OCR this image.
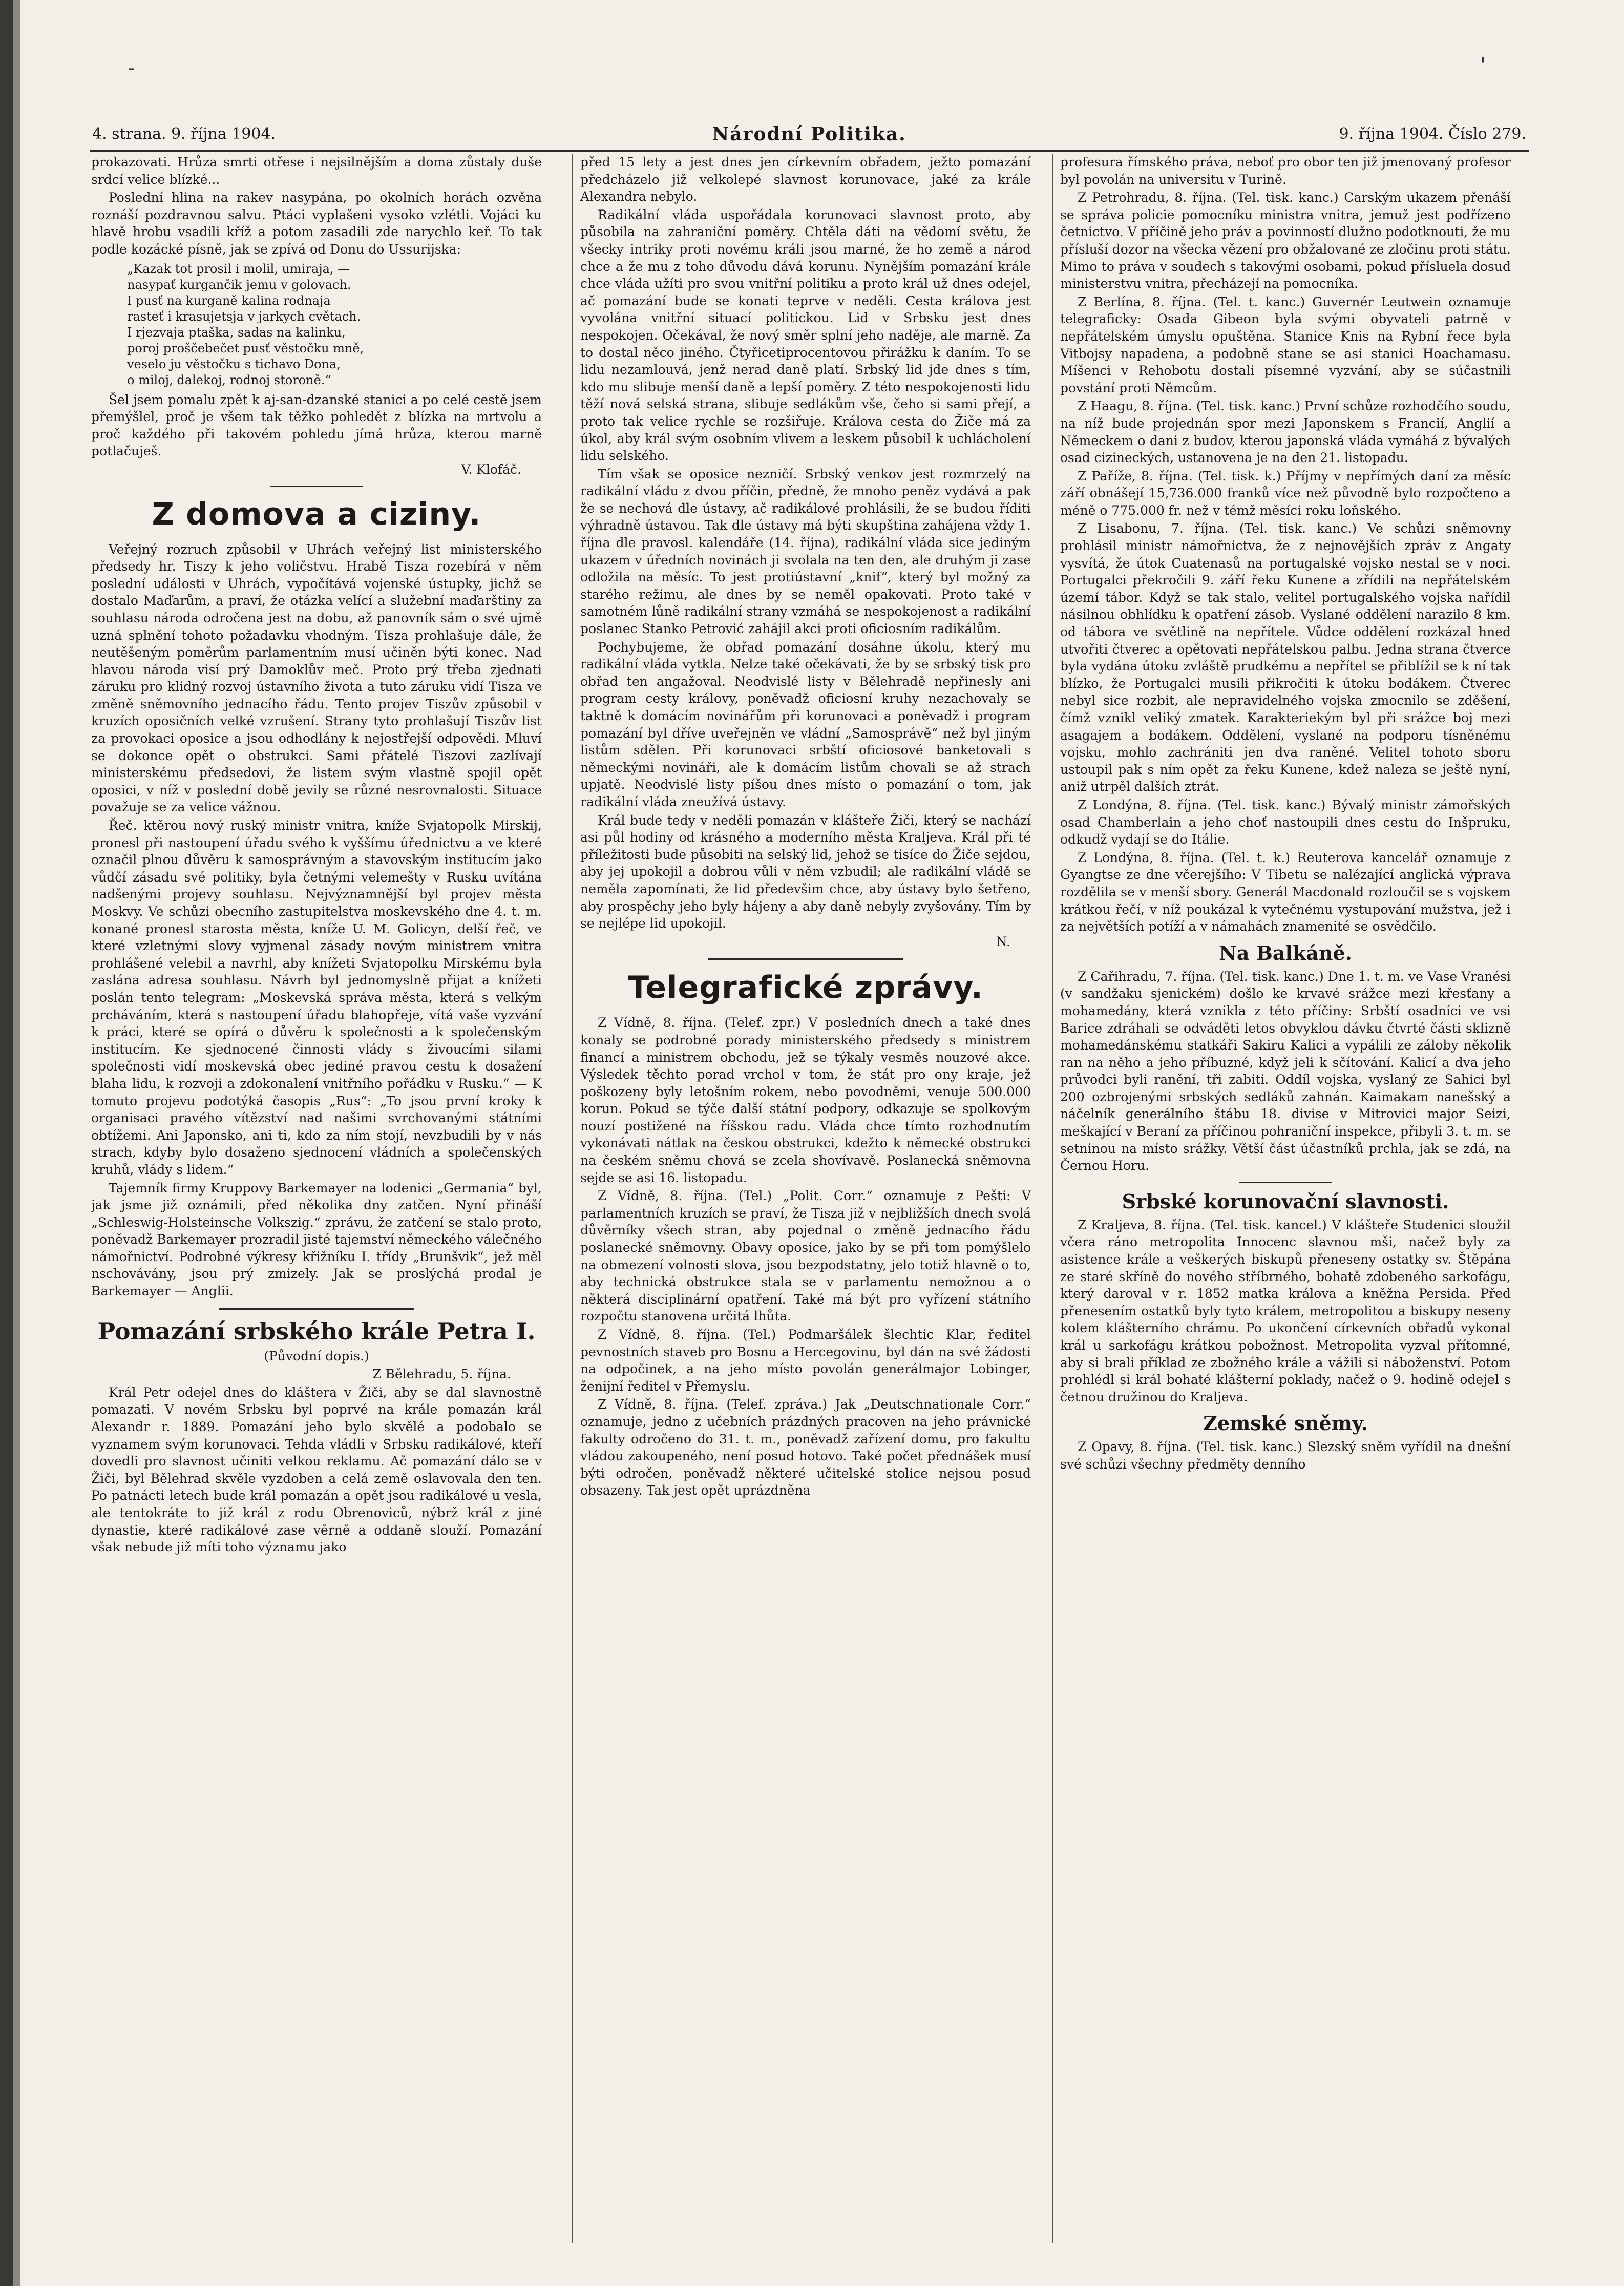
‑	'
4. strana. 9. října 1904.	Národní Politika.	9. října 1904. Číslo 279.

prokazovati. Hrůza smrti otřese i nejsilnějším a doma zůstaly duše srdcí velice blízké...

Poslední hlina na rakev nasypána, po okolních horách ozvěna roznáší pozdravnou salvu. Ptáci vyplašeni vysoko vzlétli. Vojáci ku hlavě hrobu vsadili kříž a potom zasadili zde narychlo keř. To tak podle kozácké písně, jak se zpívá od Donu do Ussurijska:

„Kazak tot prosil i molil, umiraja, —
nasypať kurgančik jemu v golovach.
I pusť na kurganě kalina rodnaja
rasteť i krasujetsja v jarkych cvětach.
I rjezvaja ptaška, sadas na kalinku,
poroj proščebečet pusť věstočku mně,
veselo ju věstočku s tichavo Dona,
o miloj, dalekoj, rodnoj storoně.“

Šel jsem pomalu zpět k aj-san-dzanské stanici a po celé cestě jsem přemýšlel, proč je všem tak těžko pohledět z blízka na mrtvolu a proč každého při takovém pohledu jímá hrůza, kterou marně potlačuješ.

V. Klofáč.

Z domova a ciziny.

Veřejný rozruch způsobil v Uhrách veřejný list ministerského předsedy hr. Tiszy k jeho voličstvu. Hrabě Tisza rozebírá v něm poslední události v Uhrách, vypočítává vojenské ústupky, jichž se dostalo Maďarům, a praví, že otázka velící a služební maďarštiny za souhlasu národa odročena jest na dobu, až panovník sám o své ujmě uzná splnění tohoto požadavku vhodným. Tisza prohlašuje dále, že neutěšeným poměrům parlamentním musí učiněn býti konec. Nad hlavou národa visí prý Damoklův meč. Proto prý třeba zjednati záruku pro klidný rozvoj ústavního života a tuto záruku vidí Tisza ve změně sněmovního jednacího řádu. Tento projev Tiszův způsobil v kruzích oposičních velké vzrušení. Strany tyto prohlašují Tiszův list za provokaci oposice a jsou odhodlány k nejostřejší odpovědi. Mluví se dokonce opět o obstrukci. Sami přátelé Tiszovi zazlívají ministerskému předsedovi, že listem svým vlastně spojil opět oposici, v níž v poslední době jevily se různé nesrovnalosti. Situace považuje se za velice vážnou.

Řeč. ktěrou nový ruský ministr vnitra, kníže Svjatopolk Mirskij, pronesl při nastoupení úřadu svého k vyššímu úřednictvu a ve které označil plnou důvěru k samosprávným a stavovským institucím jako vůdčí zásadu své politiky, byla četnými velemešty v Rusku uvítána nadšenými projevy souhlasu. Nejvýznamnější byl projev města Moskvy. Ve schůzi obecního zastupitelstva moskevského dne 4. t. m. konané pronesl starosta města, kníže U. M. Golicyn, delší řeč, ve které vzletnými slovy vyjmenal zásady novým ministrem vnitra prohlášené velebil a navrhl, aby knížeti Svjatopolku Mirskému byla zaslána adresa souhlasu. Návrh byl jednomyslně přijat a knížeti poslán tento telegram: „Moskevská správa města, která s velkým prcháváním, která s nastoupení úřadu blahopřeje, vítá vaše vyzvání k práci, které se opírá o důvěru k společnosti a k společenským institucím. Ke sjednocené činnosti vlády s živoucími silami společnosti vidí moskevská obec jediné pravou cestu k dosažení blaha lidu, k rozvoji a zdokonalení vnitřního pořádku v Rusku.“ — K tomuto projevu podotýká časopis „Rus“: „To jsou první kroky k organisaci pravého vítězství nad našimi svrchovanými státními obtížemi. Ani Japonsko, ani ti, kdo za ním stojí, nevzbudili by v nás strach, kdyby bylo dosaženo sjednocení vládních a společenských kruhů, vlády s lidem.“

Tajemník firmy Kruppovy Barkemayer na lodenici „Germania“ byl, jak jsme již oznámili, před několika dny zatčen. Nyní přináší „Schleswig-Holsteinsche Volkszig.“ zprávu, že zatčení se stalo proto, poněvadž Barkemayer prozradil jisté tajemství německého válečného námořnictví. Podrobné výkresy křižníku I. třídy „Brunšvik“, jež měl nschovávány, jsou prý zmizely. Jak se proslýchá prodal je Barkemayer — Anglii.

Pomazání srbského krále Petra I.

(Původní dopis.)

Z Bělehradu, 5. října.

Král Petr odejel dnes do kláštera v Žiči, aby se dal slavnostně pomazati. V novém Srbsku byl poprvé na krále pomazán král Alexandr r. 1889. Pomazání jeho bylo skvělé a podobalo se vyznamem svým korunovaci. Tehda vládli v Srbsku radikálové, kteří dovedli pro slavnost učiniti velkou reklamu. Ač pomazání dálo se v Žiči, byl Bělehrad skvěle vyzdoben a celá země oslavovala den ten. Po patnácti letech bude král pomazán a opět jsou radikálové u vesla, ale tentokráte to již král z rodu Obrenoviců, nýbrž král z jiné dynastie, které radikálové zase věrně a oddaně slouží. Pomazání však nebude již míti toho významu jako

před 15 lety a jest dnes jen církevním obřadem, ježto pomazání předcházelo již velkolepé slavnost korunovace, jaké za krále Alexandra nebylo.

Radikální vláda uspořádala korunovaci slavnost proto, aby působila na zahraniční poměry. Chtěla dáti na vědomí světu, že všecky intriky proti novému králi jsou marné, že ho země a národ chce a že mu z toho důvodu dává korunu. Nynějším pomazání krále chce vláda užíti pro svou vnitřní politiku a proto král už dnes odejel, ač pomazání bude se konati teprve v neděli. Cesta králova jest vyvolána vnitřní situací politickou. Lid v Srbsku jest dnes nespokojen. Očekával, že nový směr splní jeho naděje, ale marně. Za to dostal něco jiného. Čtyřicetiprocentovou přirážku k daním. To se lidu nezamlouvá, jenž nerad daně platí. Srbský lid jde dnes s tím, kdo mu slibuje menší daně a lepší poměry. Z této nespokojenosti lidu těží nová selská strana, slibuje sedlákům vše, čeho si sami přejí, a proto tak velice rychle se rozšiřuje. Králova cesta do Žiče má za úkol, aby král svým osobním vlivem a leskem působil k uchlácholení lidu selského.

Tím však se oposice nezničí. Srbský venkov jest rozmrzelý na radikální vládu z dvou příčin, předně, že mnoho peněz vydává a pak že se nechová dle ústavy, ač radikálové prohlásili, že se budou říditi výhradně ústavou. Tak dle ústavy má býti skupština zahájena vždy 1. října dle pravosl. kalendáře (14. října), radikální vláda sice jediným ukazem v úředních novinách ji svolala na ten den, ale druhým ji zase odložila na měsíc. To jest protiústavní „knif“, který byl možný za starého režimu, ale dnes by se neměl opakovati. Proto také v samotném lůně radikální strany vzmáhá se nespokojenost a radikální poslanec Stanko Petrović zahájil akci proti oficiosním radikálům.

Pochybujeme, že obřad pomazání dosáhne úkolu, který mu radikální vláda vytkla. Nelze také očekávati, že by se srbský tisk pro obřad ten angažoval. Neodvislé listy v Bělehradě nepřinesly ani program cesty královy, poněvadž oficiosní kruhy nezachovaly se taktně k domácím novinářům při korunovaci a poněvadž i program pomazání byl dříve uveřejněn ve vládní „Samosprávě“ než byl jiným listům sdělen. Při korunovaci srbští oficiosové banketovali s německými novináři, ale k domácím listům chovali se až strach upjatě. Neodvislé listy píšou dnes místo o pomazání o tom, jak radikální vláda zneužívá ústavy.

Král bude tedy v neděli pomazán v klášteře Žiči, který se nachází asi půl hodiny od krásného a moderního města Kraljeva. Král při té příležitosti bude působiti na selský lid, jehož se tisíce do Žiče sejdou, aby jej upokojil a dobrou vůli v něm vzbudil; ale radikální vládě se neměla zapomínati, že lid předevšim chce, aby ústavy bylo šetřeno, aby prospěchy jeho byly hájeny a aby daně nebyly zvyšovány. Tím by se nejlépe lid upokojil.

N.

Telegrafické zprávy.

Z Vídně, 8. října. (Telef. zpr.) V posledních dnech a také dnes konaly se podrobné porady ministerského předsedy s ministrem financí a ministrem obchodu, jež se týkaly vesměs nouzové akce. Výsledek těchto porad vrchol v tom, že stát pro ony kraje, jež poškozeny byly letošním rokem, nebo povodněmi, venuje 500.000 korun. Pokud se týče další státní podpory, odkazuje se spolkovým nouzí postižené na říšskou radu. Vláda chce tímto rozhodnutím vykonávati nátlak na českou obstrukci, kdežto k německé obstrukci na českém sněmu chová se zcela shovívavě. Poslanecká sněmovna sejde se asi 16. listopadu.

Z Vídně, 8. října. (Tel.) „Polit. Corr.“ oznamuje z Pešti: V parlamentních kruzích se praví, že Tisza již v nejbližších dnech svolá důvěrníky všech stran, aby pojednal o změně jednacího řádu poslanecké sněmovny. Obavy oposice, jako by se při tom pomýšlelo na obmezení volnosti slova, jsou bezpodstatny, jelo totiž hlavně o to, aby technická obstrukce stala se v parlamentu nemožnou a o některá disciplinární opatření. Také má být pro vyřízení státního rozpočtu stanovena určitá lhůta.

Z Vídně, 8. října. (Tel.) Podmaršálek šlechtic Klar, ředitel pevnostních staveb pro Bosnu a Hercegovinu, byl dán na své žádosti na odpočinek, a na jeho místo povolán generálmajor Lobinger, ženijní ředitel v Přemyslu.

Z Vídně, 8. října. (Telef. zpráva.) Jak „Deutschnationale Corr.“ oznamuje, jedno z učebních prázdných pracoven na jeho právnické fakulty odročeno do 31. t. m., poněvadž zařízení domu, pro fakultu vládou zakoupeného, není posud hotovo. Také počet přednášek musí býti odročen, poněvadž některé učitelské stolice nejsou posud obsazeny. Tak jest opět uprázdněna

profesura římského práva, neboť pro obor ten již jmenovaný profesor byl povolán na universitu v Turině.

Z Petrohradu, 8. října. (Tel. tisk. kanc.) Carským ukazem přenáší se správa policie pomocníku ministra vnitra, jemuž jest podřízeno četnictvo. V příčině jeho práv a povinností dlužno podotknouti, že mu přísluší dozor na všecka vězení pro obžalované ze zločinu proti státu. Mimo to práva v soudech s takovými osobami, pokud přísluela dosud ministerstvu vnitra, přecházejí na pomocníka.

Z Berlína, 8. října. (Tel. t. kanc.) Guvernér Leutwein oznamuje telegraficky: Osada Gibeon byla svými obyvateli patrně v nepřátelském úmyslu opuštěna. Stanice Knis na Rybní řece byla Vitbojsy napadena, a podobně stane se asi stanici Hoachamasu. Míšenci v Rehobotu dostali písemné vyzvání, aby se súčastnili povstání proti Němcům.

Z Haagu, 8. října. (Tel. tisk. kanc.) První schůze rozhodčího soudu, na níž bude projednán spor mezi Japonskem s Francií, Anglií a Německem o dani z budov, kterou japonská vláda vymáhá z bývalých osad cizineckých, ustanovena je na den 21. listopadu.

Z Paříže, 8. října. (Tel. tisk. k.) Příjmy v nepřímých daní za měsíc září obnášejí 15,736.000 franků více než původně bylo rozpočteno a méně o 775.000 fr. než v témž měsíci roku loňského.

Z Lisabonu, 7. října. (Tel. tisk. kanc.) Ve schůzi sněmovny prohlásil ministr námořnictva, že z nejnovějších zpráv z Angaty vysvítá, že útok Cuatenasů na portugalské vojsko nestal se v noci. Portugalci překročili 9. září řeku Kunene a zřídili na nepřátelském území tábor. Když se tak stalo, velitel portugalského vojska nařídil násilnou obhlídku k opatření zásob. Vyslané oddělení narazilo 8 km. od tábora ve světlině na nepřítele. Vůdce oddělení rozkázal hned utvořiti čtverec a opětovati nepřátelskou palbu. Jedna strana čtverce byla vydána útoku zvláště prudkému a nepřítel se přiblížil se k ní tak blízko, že Portugalci musili přikročiti k útoku bodákem. Čtverec nebyl sice rozbit, ale nepravidelného vojska zmocnilo se zděšení, čímž vznikl veliký zmatek. Karakteriekým byl při srážce boj mezi asagajem a bodákem. Oddělení, vyslané na podporu tísněnému vojsku, mohlo zachrániti jen dva raněné. Velitel tohoto sboru ustoupil pak s ním opět za řeku Kunene, kdež naleza se ještě nyní, aniž utrpěl dalších ztrát.

Z Londýna, 8. října. (Tel. tisk. kanc.) Bývalý ministr zámořských osad Chamberlain a jeho choť nastoupili dnes cestu do Inšpruku, odkudž vydají se do Itálie.

Z Londýna, 8. října. (Tel. t. k.) Reuterova kancelář oznamuje z Gyangtse ze dne včerejšího: V Tibetu se nalézající anglická výprava rozdělila se v menší sbory. Generál Macdonald rozloučil se s vojskem krátkou řečí, v níž poukázal k vytečnému vystupování mužstva, jež i za největších potíží a v námahách znamenité se osvědčilo.

Na Balkáně.

Z Cařihradu, 7. října. (Tel. tisk. kanc.) Dne 1. t. m. ve Vase Vranési (v sandžaku sjenickém) došlo ke krvavé srážce mezi křesťany a mohamedány, která vznikla z této příčiny: Srbští osadníci ve vsi Barice zdráhali se odváděti letos obvyklou dávku čtvrté části sklizně mohamedánskému statkáři Sakiru Kalici a vypálili ze záloby několik ran na něho a jeho příbuzné, když jeli k sčítování. Kalicí a dva jeho průvodci byli ranění, tři zabiti. Oddíl vojska, vyslaný ze Sahici byl 200 ozbrojenými srbských sedláků zahnán. Kaimakam nanešský a náčelník generálního štábu 18. divise v Mitrovici major Seizi, meškající v Beraní za příčinou pohraniční inspekce, přibyli 3. t. m. se setninou na místo srážky. Větší část účastníků prchla, jak se zdá, na Černou Horu.

Srbské korunovační slavnosti.

Z Kraljeva, 8. října. (Tel. tisk. kancel.) V klášteře Studenici sloužil včera ráno metropolita Innocenc slavnou mši, načež byly za asistence krále a veškerých biskupů přeneseny ostatky sv. Štěpána ze staré skříně do nového stříbrného, bohatě zdobeného sarkofágu, který daroval v r. 1852 matka králova a kněžna Persida. Před přenesením ostatků byly tyto králem, metropolitou a biskupy neseny kolem klášterního chrámu. Po ukončení církevních obřadů vykonal král u sarkofágu krátkou pobožnost. Metropolita vyzval přítomné, aby si brali příklad ze zbožného krále a vážili si náboženství. Potom prohlédl si král bohaté klášterní poklady, načež o 9. hodině odejel s četnou družinou do Kraljeva.

Zemské sněmy.

Z Opavy, 8. října. (Tel. tisk. kanc.) Slezský sněm vyřídil na dnešní své schůzi všechny předměty denního
